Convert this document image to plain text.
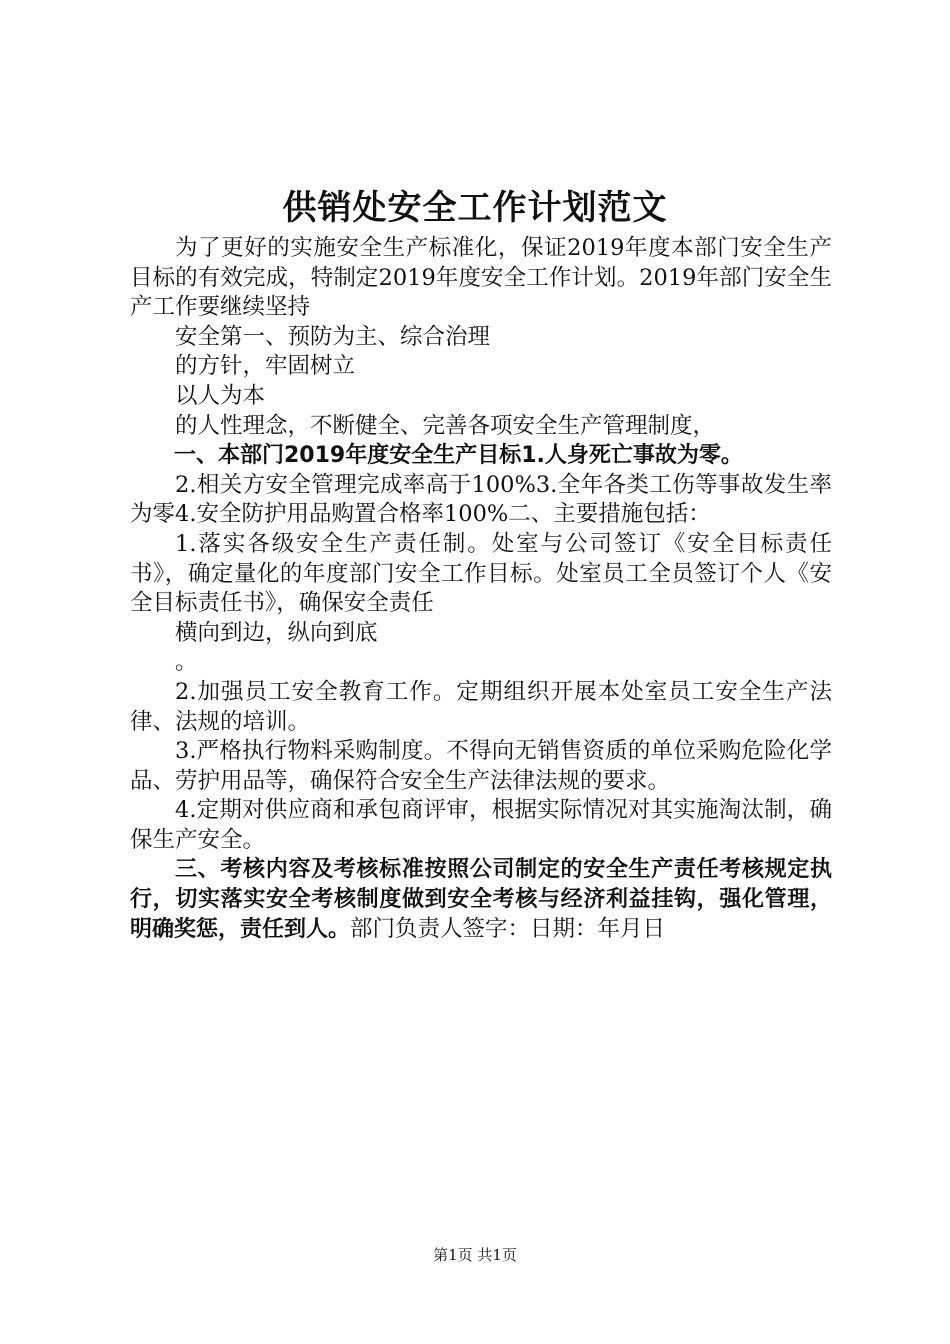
供销处安全工作计划范文

为了更好的实施安全生产标准化，保证2019年度本部门安全生产目标的有效完成，特制定2019年度安全工作计划。2019年部门安全生产工作要继续坚持

安全第一、预防为主、综合治理

的方针，牢固树立

以人为本

的人性理念，不断健全、完善各项安全生产管理制度，

一、本部门2019年度安全生产目标1.人身死亡事故为零。

2.相关方安全管理完成率高于100%3.全年各类工伤等事故发生率为零4.安全防护用品购置合格率100%二、主要措施包括：

1.落实各级安全生产责任制。处室与公司签订《安全目标责任书》，确定量化的年度部门安全工作目标。处室员工全员签订个人《安全目标责任书》，确保安全责任

横向到边，纵向到底

。

2.加强员工安全教育工作。定期组织开展本处室员工安全生产法律、法规的培训。

3.严格执行物料采购制度。不得向无销售资质的单位采购危险化学品、劳护用品等，确保符合安全生产法律法规的要求。

4.定期对供应商和承包商评审，根据实际情况对其实施淘汰制，确保生产安全。

三、考核内容及考核标准按照公司制定的安全生产责任考核规定执行，切实落实安全考核制度做到安全考核与经济利益挂钩，强化管理，明确奖惩，责任到人。部门负责人签字：日期：年月日

第1页 共1页
